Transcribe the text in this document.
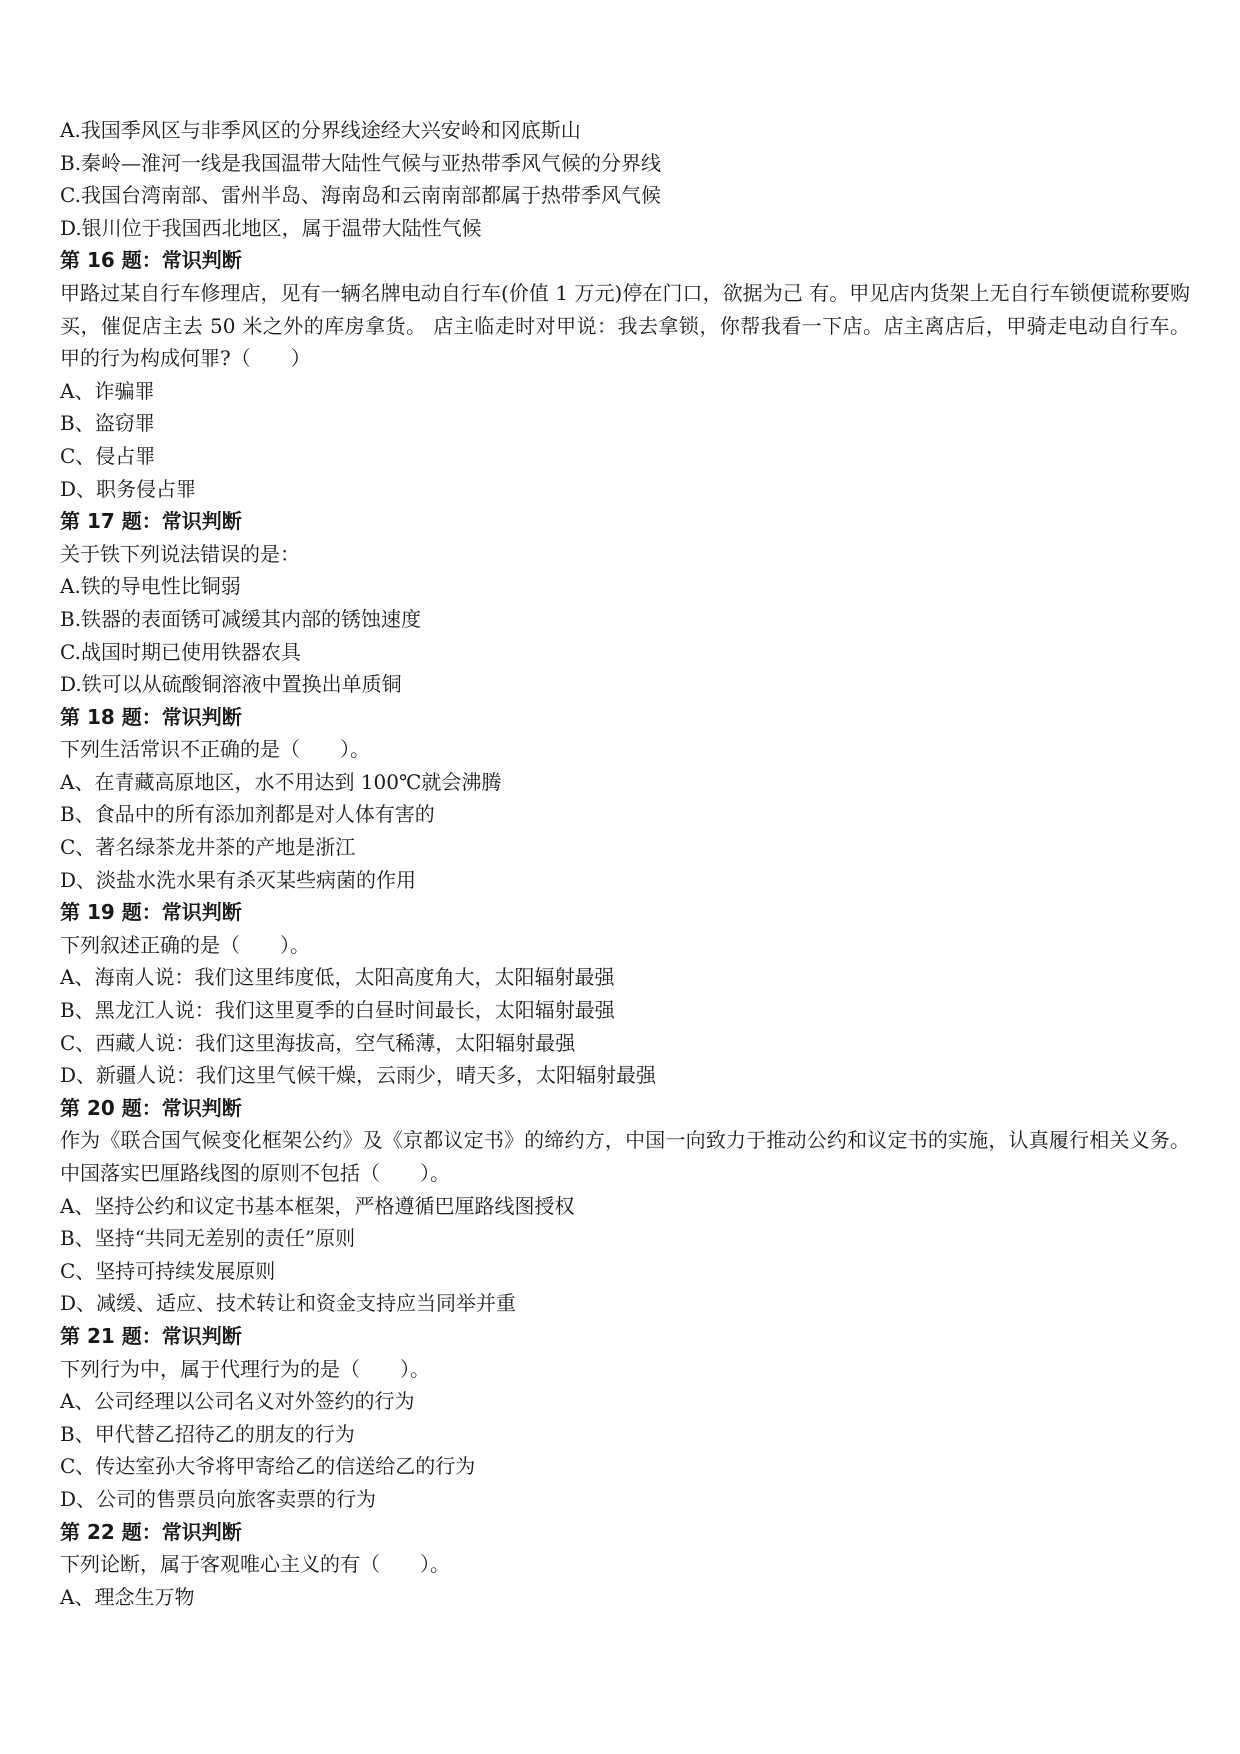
A.我国季风区与非季风区的分界线途经大兴安岭和冈底斯山

B.秦岭—淮河一线是我国温带大陆性气候与亚热带季风气候的分界线

C.我国台湾南部、雷州半岛、海南岛和云南南部都属于热带季风气候

D.银川位于我国西北地区，属于温带大陆性气候

第 16 题：常识判断

甲路过某自行车修理店，见有一辆名牌电动自行车(价值 1 万元)停在门口，欲据为己 有。甲见店内货架上无自行车锁便谎称要购买，催促店主去 50 米之外的库房拿货。 店主临走时对甲说：我去拿锁，你帮我看一下店。店主离店后，甲骑走电动自行车。 甲的行为构成何罪?（　　）

A、诈骗罪

B、盗窃罪

C、侵占罪

D、职务侵占罪

第 17 题：常识判断

关于铁下列说法错误的是：

A.铁的导电性比铜弱

B.铁器的表面锈可减缓其内部的锈蚀速度

C.战国时期已使用铁器农具

D.铁可以从硫酸铜溶液中置换出单质铜

第 18 题：常识判断

下列生活常识不正确的是（　　）。

A、在青藏高原地区，水不用达到 100℃就会沸腾

B、食品中的所有添加剂都是对人体有害的

C、著名绿茶龙井茶的产地是浙江

D、淡盐水洗水果有杀灭某些病菌的作用

第 19 题：常识判断

下列叙述正确的是（　　）。

A、海南人说：我们这里纬度低，太阳高度角大，太阳辐射最强

B、黑龙江人说：我们这里夏季的白昼时间最长，太阳辐射最强

C、西藏人说：我们这里海拔高，空气稀薄，太阳辐射最强

D、新疆人说：我们这里气候干燥，云雨少，晴天多，太阳辐射最强

第 20 题：常识判断

作为《联合国气候变化框架公约》及《京都议定书》的缔约方，中国一向致力于推动公约和议定书的实施，认真履行相关义务。中国落实巴厘路线图的原则不包括（　　）。

A、坚持公约和议定书基本框架，严格遵循巴厘路线图授权

B、坚持“共同无差别的责任”原则

C、坚持可持续发展原则

D、减缓、适应、技术转让和资金支持应当同举并重

第 21 题：常识判断

下列行为中，属于代理行为的是（　　）。

A、公司经理以公司名义对外签约的行为

B、甲代替乙招待乙的朋友的行为

C、传达室孙大爷将甲寄给乙的信送给乙的行为

D、公司的售票员向旅客卖票的行为

第 22 题：常识判断

下列论断，属于客观唯心主义的有（　　）。

A、理念生万物
